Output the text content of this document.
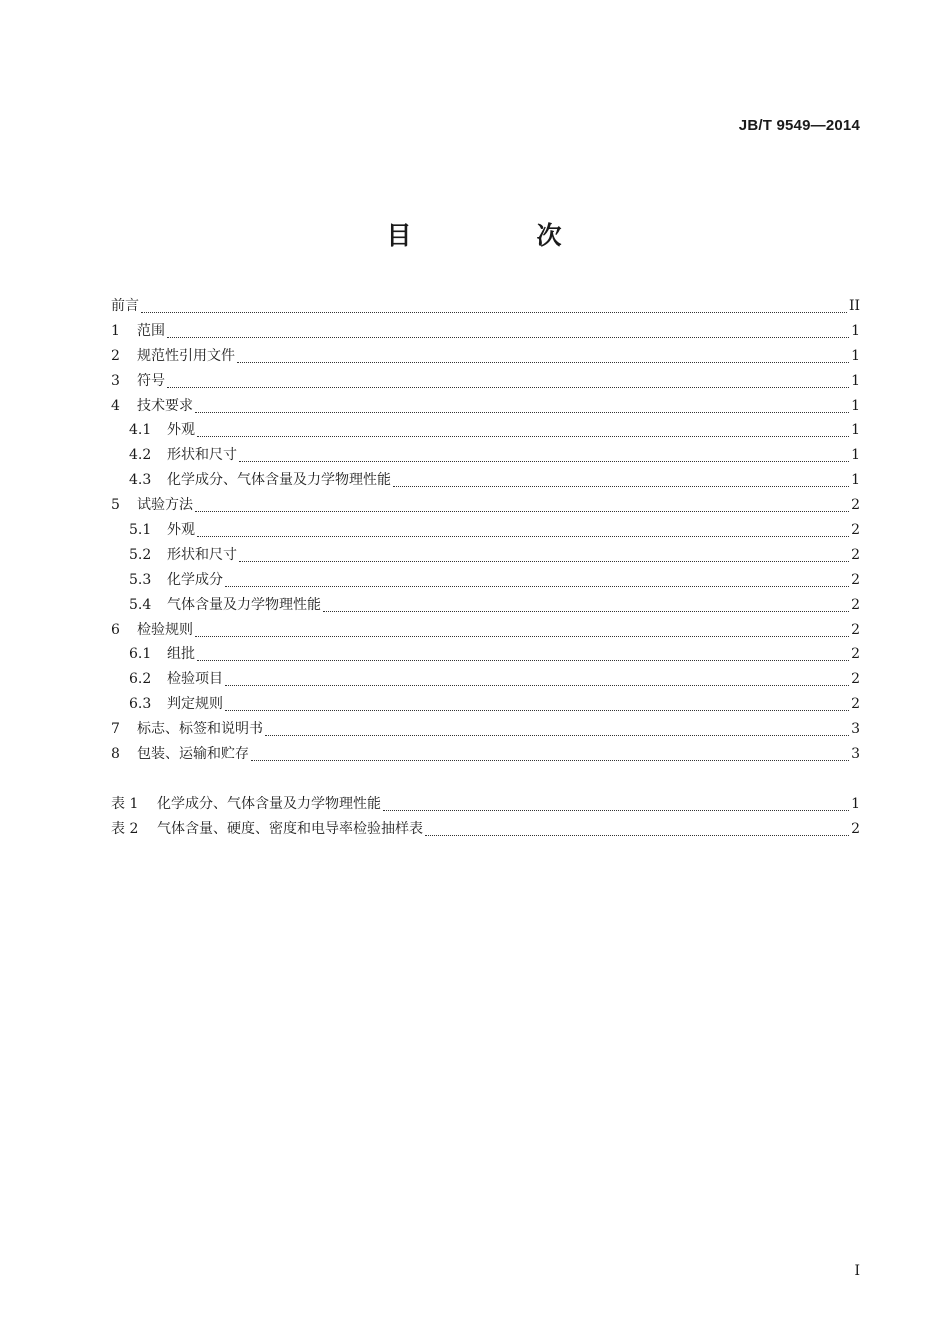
JB/T 9549—2014
目　次
前言	II
1	范围	1
2	规范性引用文件	1
3	符号	1
4	技术要求	1
4.1	外观	1
4.2	形状和尺寸	1
4.3	化学成分、气体含量及力学物理性能	1
5	试验方法	2
5.1	外观	2
5.2	形状和尺寸	2
5.3	化学成分	2
5.4	气体含量及力学物理性能	2
6	检验规则	2
6.1	组批	2
6.2	检验项目	2
6.3	判定规则	2
7	标志、标签和说明书	3
8	包装、运输和贮存	3
表 1	化学成分、气体含量及力学物理性能	1
表 2	气体含量、硬度、密度和电导率检验抽样表	2
I
